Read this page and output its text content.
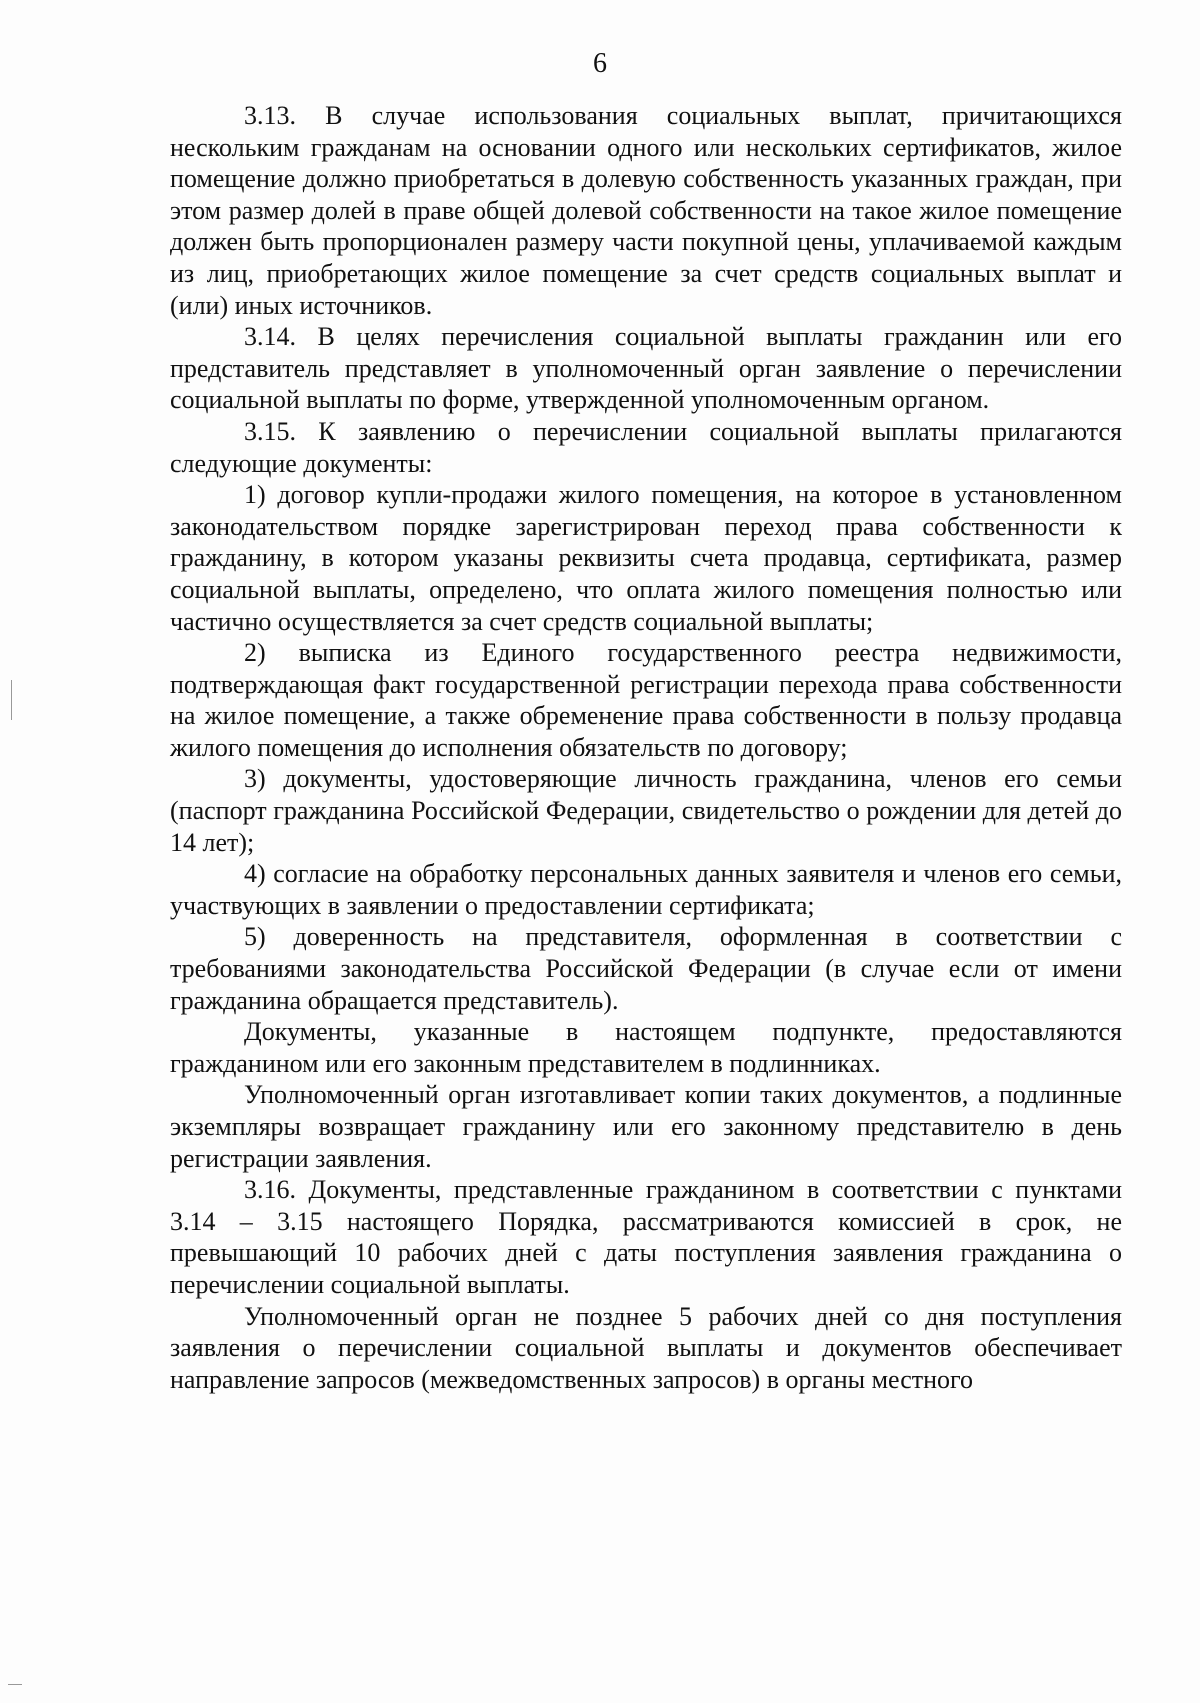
6

3.13. В случае использования социальных выплат, причитающихся нескольким гражданам на основании одного или нескольких сертификатов, жилое помещение должно приобретаться в долевую собственность указанных граждан, при этом размер долей в праве общей долевой собственности на такое жилое помещение должен быть пропорционален размеру части покупной цены, уплачиваемой каждым из лиц, приобретающих жилое помещение за счет средств социальных выплат и (или) иных источников.

3.14. В целях перечисления социальной выплаты гражданин или его представитель представляет в уполномоченный орган заявление о перечислении социальной выплаты по форме, утвержденной уполномоченным органом.

3.15. К заявлению о перечислении социальной выплаты прилагаются следующие документы:

1) договор купли-продажи жилого помещения, на которое в установленном законодательством порядке зарегистрирован переход права собственности к гражданину, в котором указаны реквизиты счета продавца, сертификата, размер социальной выплаты, определено, что оплата жилого помещения полностью или частично осуществляется за счет средств социальной выплаты;

2) выписка из Единого государственного реестра недвижимости, подтверждающая факт государственной регистрации перехода права собственности на жилое помещение, а также обременение права собственности в пользу продавца жилого помещения до исполнения обязательств по договору;

3) документы, удостоверяющие личность гражданина, членов его семьи (паспорт гражданина Российской Федерации, свидетельство о рождении для детей до 14 лет);

4) согласие на обработку персональных данных заявителя и членов его семьи, участвующих в заявлении о предоставлении сертификата;

5) доверенность на представителя, оформленная в соответствии с требованиями законодательства Российской Федерации (в случае если от имени гражданина обращается представитель).

Документы, указанные в настоящем подпункте, предоставляются гражданином или его законным представителем в подлинниках.

Уполномоченный орган изготавливает копии таких документов, а подлинные экземпляры возвращает гражданину или его законному представителю в день регистрации заявления.

3.16. Документы, представленные гражданином в соответствии с пунктами 3.14 – 3.15 настоящего Порядка, рассматриваются комиссией в срок, не превышающий 10 рабочих дней с даты поступления заявления гражданина о перечислении социальной выплаты.

Уполномоченный орган не позднее 5 рабочих дней со дня поступления заявления о перечислении социальной выплаты и документов обеспечивает направление запросов (межведомственных запросов) в органы местного
